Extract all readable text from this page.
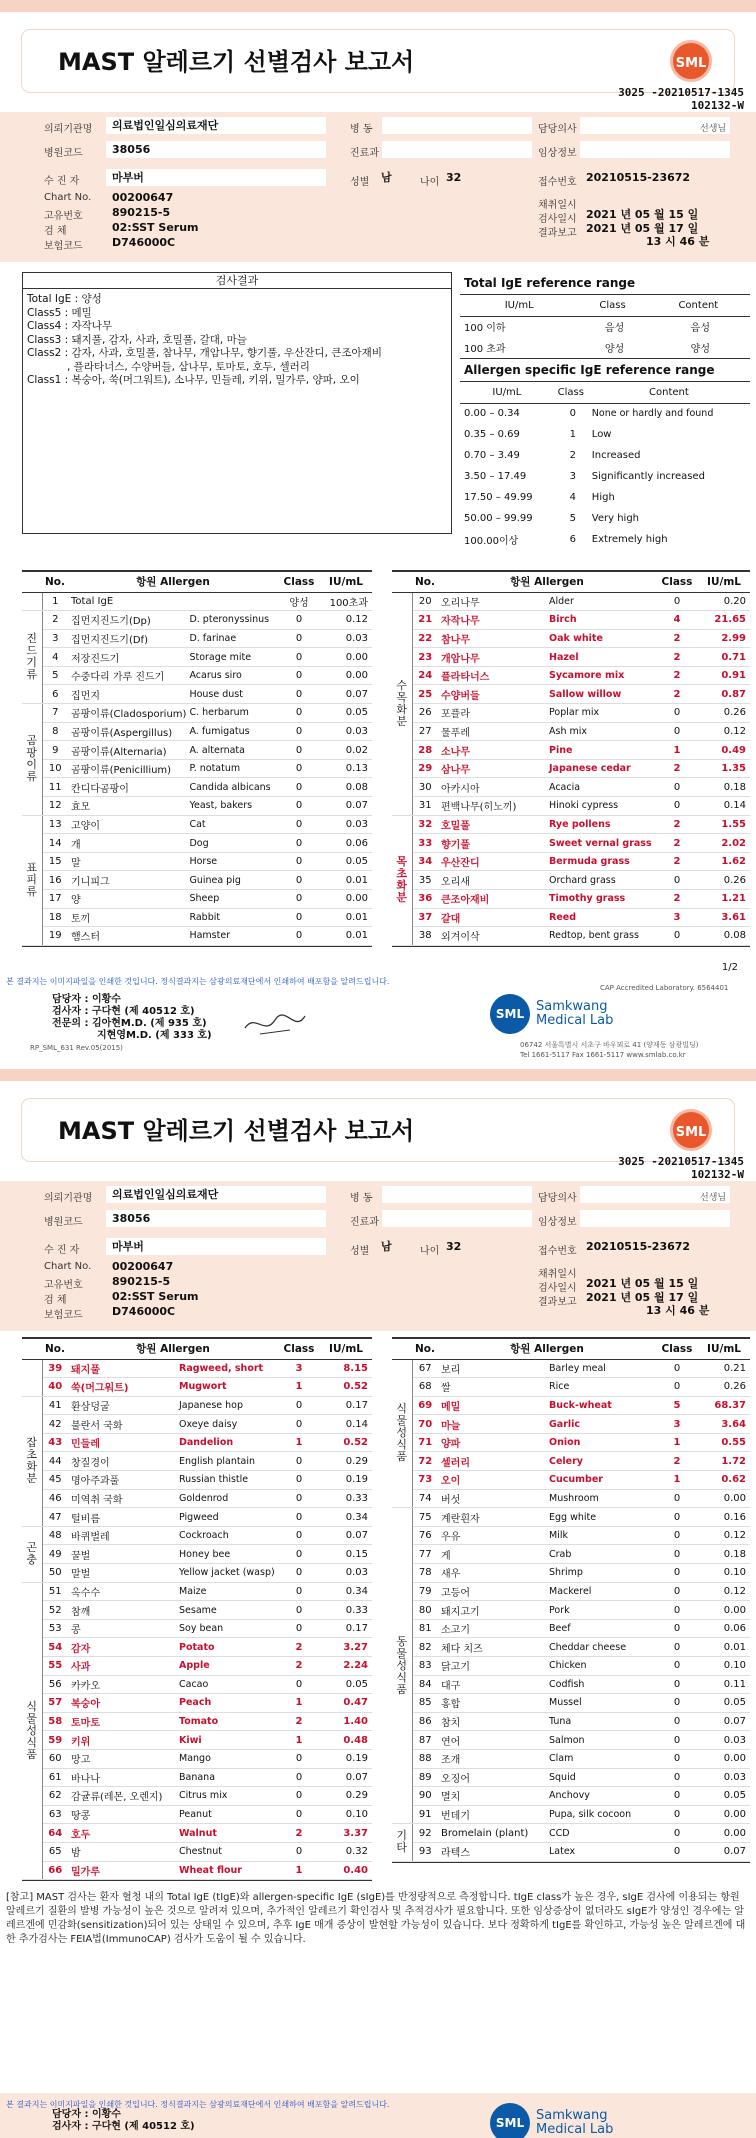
MAST 알레르기 선별검사 보고서	SML
3025 -20210517-1345
102132-W
의뢰기관명	의료법인일심의료재단	병 동	담당의사	선생님
병원코드	38056	진료과	임상정보
수 진 자	마부버	성별	남	나이 32	접수번호 20210515-23672
Chart No.	00200647
고유번호	890215-5
검 체	02:SST Serum
보험코드	D746000C
채취일시
검사일시 2021 년 05 월 15 일
결과보고 2021 년 05 월 17 일
13 시 46 분
검사결과
Total IgE : 양성
Class5 : 메밀
Class4 : 자작나무
Class3 : 돼지풀, 감자, 사과, 호밀풀, 갈대, 마늘
Class2 : 감자, 사과, 호밀풀, 참나무, 개암나무, 향기풀, 우산잔디, 큰조아재비
, 플라타너스, 수양버들, 삼나무, 토마토, 호두, 셀러리
Class1 : 복숭아, 쑥(머그워트), 소나무, 민들레, 키위, 밀가루, 양파, 오이
Total IgE reference range
IU/mL	Class	Content
100 이하	음성	음성
100 초과	양성	양성
Allergen specific IgE reference range
IU/mL	Class	Content
0.00 – 0.34	0	None or hardly and found
0.35 – 0.69	1	Low
0.70 – 3.49	2	Increased
3.50 – 17.49	3	Significantly increased
17.50 – 49.99	4	High
50.00 – 99.99	5	Very high
100.00이상	6	Extremely high
	No.	항원 Allergen		Class	IU/mL
	1	Total IgE		양성	100초과
진
드
기
류	2	집먼지진드기(Dp)	D. pteronyssinus	0	0.12
	3	집먼지진드기(Df)	D. farinae	0	0.03
	4	저장진드기	Storage mite	0	0.00
	5	수중다리 가루 진드기	Acarus siro	0	0.00
	6	집먼지	House dust	0	0.07
곰
팡
이
류	7	곰팡이류(Cladosporium)	C. herbarum	0	0.05
	8	곰팡이류(Aspergillus)	A. fumigatus	0	0.03
	9	곰팡이류(Alternaria)	A. alternata	0	0.02
	10	곰팡이류(Penicillium)	P. notatum	0	0.13
	11	칸디다곰팡이	Candida albicans	0	0.08
	12	효모	Yeast, bakers	0	0.07
표
피
류	13	고양이	Cat	0	0.03
	14	개	Dog	0	0.06
	15	말	Horse	0	0.05
	16	기니피그	Guinea pig	0	0.01
	17	양	Sheep	0	0.00
	18	토끼	Rabbit	0	0.01
	19	햄스터	Hamster	0	0.01
	No.	항원 Allergen		Class	IU/mL
수
목
화
분	20	오리나무	Alder	0	0.20
	21	자작나무	Birch	4	21.65
	22	참나무	Oak white	2	2.99
	23	개암나무	Hazel	2	0.71
	24	플라타너스	Sycamore mix	2	0.91
	25	수양버들	Sallow willow	2	0.87
	26	포플라	Poplar mix	0	0.26
	27	물푸레	Ash mix	0	0.12
	28	소나무	Pine	1	0.49
	29	삼나무	Japanese cedar	2	1.35
	30	아카시아	Acacia	0	0.18
	31	편백나무(히노끼)	Hinoki cypress	0	0.14
목
초
화
분	32	호밀풀	Rye pollens	2	1.55
	33	향기풀	Sweet vernal grass	2	2.02
	34	우산잔디	Bermuda grass	2	1.62
	35	오리새	Orchard grass	0	0.26
	36	큰조아재비	Timothy grass	2	1.21
	37	갈대	Reed	3	3.61
	38	외겨이삭	Redtop, bent grass	0	0.08
1/2
본 결과지는 이미지파일을 인쇄한 것입니다. 정식결과지는 삼광의료재단에서 인쇄하여 배포함을 알려드립니다.
CAP Accredited Laboratory. 6564401
담당자 : 이황수
검사자 : 구다현 (제 40512 호)
전문의 : 김아현M.D. (제 935 호)
지현영M.D. (제 333 호)
SML Samkwang
Medical Lab
06742 서울특별시 서초구 바우뫼로 41 (양재동 삼광빌딩)
Tel 1661-5117 Fax 1661-5117 www.smlab.co.kr
RP_SML_631 Rev.05(2015)
MAST 알레르기 선별검사 보고서	SML
3025 -20210517-1345
102132-W
의뢰기관명	의료법인일심의료재단	병 동	담당의사	선생님
병원코드	38056	진료과	임상정보
수 진 자	마부버	성별	남	나이 32	접수번호 20210515-23672
Chart No.	00200647
고유번호	890215-5
검 체	02:SST Serum
보험코드	D746000C
채취일시
검사일시 2021 년 05 월 15 일
결과보고 2021 년 05 월 17 일
13 시 46 분
	No.	항원 Allergen		Class	IU/mL
	39	돼지풀	Ragweed, short	3	8.15
	40	쑥(머그워트)	Mugwort	1	0.52
잡
초
화
분	41	환삼덩굴	Japanese hop	0	0.17
	42	불란서 국화	Oxeye daisy	0	0.14
	43	민들레	Dandelion	1	0.52
	44	창질경이	English plantain	0	0.29
	45	명아주과풀	Russian thistle	0	0.19
	46	미역취 국화	Goldenrod	0	0.33
	47	털비름	Pigweed	0	0.34
곤
충	48	바퀴벌레	Cockroach	0	0.07
	49	꿀벌	Honey bee	0	0.15
	50	말벌	Yellow jacket (wasp)	0	0.03
식
물
성
식
품	51	옥수수	Maize	0	0.34
	52	참깨	Sesame	0	0.33
	53	콩	Soy bean	0	0.17
	54	감자	Potato	2	3.27
	55	사과	Apple	2	2.24
	56	카카오	Cacao	0	0.05
	57	복숭아	Peach	1	0.47
	58	토마토	Tomato	2	1.40
	59	키위	Kiwi	1	0.48
	60	망고	Mango	0	0.19
	61	바나나	Banana	0	0.07
	62	감귤류(레몬, 오렌지)	Citrus mix	0	0.29
	63	땅콩	Peanut	0	0.10
	64	호두	Walnut	2	3.37
	65	밤	Chestnut	0	0.32
	66	밀가루	Wheat flour	1	0.40
	No.	항원 Allergen		Class	IU/mL
식
물
성
식
품	67	보리	Barley meal	0	0.21
	68	쌀	Rice	0	0.26
	69	메밀	Buck-wheat	5	68.37
	70	마늘	Garlic	3	3.64
	71	양파	Onion	1	0.55
	72	셀러리	Celery	2	1.72
	73	오이	Cucumber	1	0.62
	74	버섯	Mushroom	0	0.00
동
물
성
식
품	75	계란흰자	Egg white	0	0.16
	76	우유	Milk	0	0.12
	77	게	Crab	0	0.18
	78	새우	Shrimp	0	0.10
	79	고등어	Mackerel	0	0.12
	80	돼지고기	Pork	0	0.00
	81	소고기	Beef	0	0.06
	82	체다 치즈	Cheddar cheese	0	0.01
	83	닭고기	Chicken	0	0.10
	84	대구	Codfish	0	0.11
	85	홍합	Mussel	0	0.05
	86	참치	Tuna	0	0.07
	87	연어	Salmon	0	0.03
	88	조개	Clam	0	0.00
	89	오징어	Squid	0	0.03
	90	멸치	Anchovy	0	0.05
	91	번데기	Pupa, silk cocoon	0	0.00
기
타	92	Bromelain (plant)	CCD	0	0.00
	93	라텍스	Latex	0	0.07
[참고] MAST 검사는 환자 혈청 내의 Total IgE (tIgE)와 allergen-specific IgE (sIgE)를 반정량적으로 측정합니다. tIgE class가 높은 경우, sIgE 검사에 이용되는 항원 알레르기 질환의 발병 가능성이 높은 것으로 알려져 있으며, 추가적인 알레르기 확인검사 및 추적검사가 필요합니다. 또한 임상증상이 없더라도 sIgE가 양성인 경우에는 알레르겐에 민감화(sensitization)되어 있는 상태일 수 있으며, 추후 IgE 매개 증상이 발현할 가능성이 있습니다. 보다 정확하게 tIgE를 확인하고, 가능성 높은 알레르겐에 대한 추가검사는 FEIA법(ImmunoCAP) 검사가 도움이 될 수 있습니다.
본 결과지는 이미지파일을 인쇄한 것입니다. 정식결과지는 삼광의료재단에서 인쇄하여 배포함을 알려드립니다.
담당자 : 이황수
검사자 : 구다현 (제 40512 호)	SML Samkwang
Medical Lab
